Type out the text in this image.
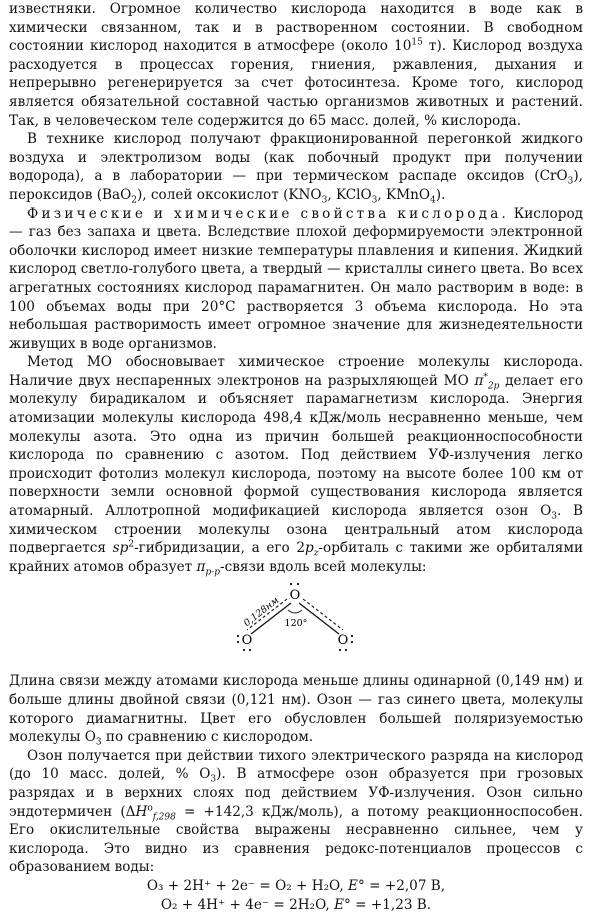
известняки. Огромное количество кислорода находится в воде как в химически связанном, так и в растворенном состоянии. В свободном состоянии кислород находится в атмосфере (около $10^{15}$ т). Кислород воздуха расходуется в процессах горения, гниения, ржавления, дыхания и непрерывно регенерируется за счет фотосинтеза. Кроме того, кислород является обязательной составной частью организмов животных и растений. Так, в человеческом теле содержится до 65 масс. долей, % кислорода.

В технике кислород получают фракционированной перегонкой жидкого воздуха и электролизом воды (как побочный продукт при получении водорода), а в лаборатории — при термическом распаде оксидов (CrO$_3$), пероксидов (BaO$_2$), солей оксокислот ($KNO_3$, KClO$_3$, KMnO$_4$).

Физические и химические свойства кислорода. Кислород — газ без запаха и цвета. Вследствие плохой деформируемости электронной оболочки кислород имеет низкие температуры плавления и кипения. Жидкий кислород светло-голубого цвета, а твердый — кристаллы синего цвета. Во всех агрегатных состояниях кислород парамагнитен. Он мало растворим в воде: в 100 объемах воды при 20°С растворяется 3 объема кислорода. Но эта небольшая растворимость имеет огромное значение для жизнедеятельности живущих в воде организмов.

Метод МО обосновывает химическое строение молекулы кислорода. Наличие двух неспаренных электронов на разрыхляющей МО $\pi^*_{2p}$ делает его молекулу бирадикалом и объясняет парамагнетизм кислорода. Энергия атомизации молекулы кислорода 498,4 кДж/моль несравненно меньше, чем молекулы азота. Это одна из причин большей реакционноспособности кислорода по сравнению с азотом. Под действием УФ-излучения легко происходит фотолиз молекул кислорода, поэтому на высоте более 100 км от поверхности земли основной формой существования кислорода является атомарный. Аллотропной модификацией кислорода является озон $O_3$. В химическом строении молекулы озона центральный атом кислорода подвергается $sp^2$-гибридизации, а его $2p_z$-орбиталь с такими же орбиталями крайних атомов образует $\pi_{p-p}$-связи вдоль всей молекулы:

O
O	O
0,128нм 120°

Длина связи между атомами кислорода меньше длины одинарной (0,149 нм) и больше длины двойной связи (0,121 нм). Озон — газ синего цвета, молекулы которого диамагнитны. Цвет его обусловлен большей поляризуемостью молекулы $O_3$ по сравнению с кислородом.

Озон получается при действии тихого электрического разряда на кислород (до 10 масс. долей, % $O_3$). В атмосфере озон образуется при грозовых разрядах и в верхних слоях под действием УФ-излучения. Озон сильно эндотермичен ($\Delta H^o_{f,298} = +142,3$ кДж/моль), а потому реакционноспособен. Его окислительные свойства выражены несравненно сильнее, чем у кислорода. Это видно из сравнения редокс-потенциалов процессов с образованием воды:

O₃ + 2H⁺ + 2e⁻ = O₂ + H₂O, E° = +2,07 В,

O₂ + 4H⁺ + 4e⁻ = 2H₂O, E° = +1,23 В.
